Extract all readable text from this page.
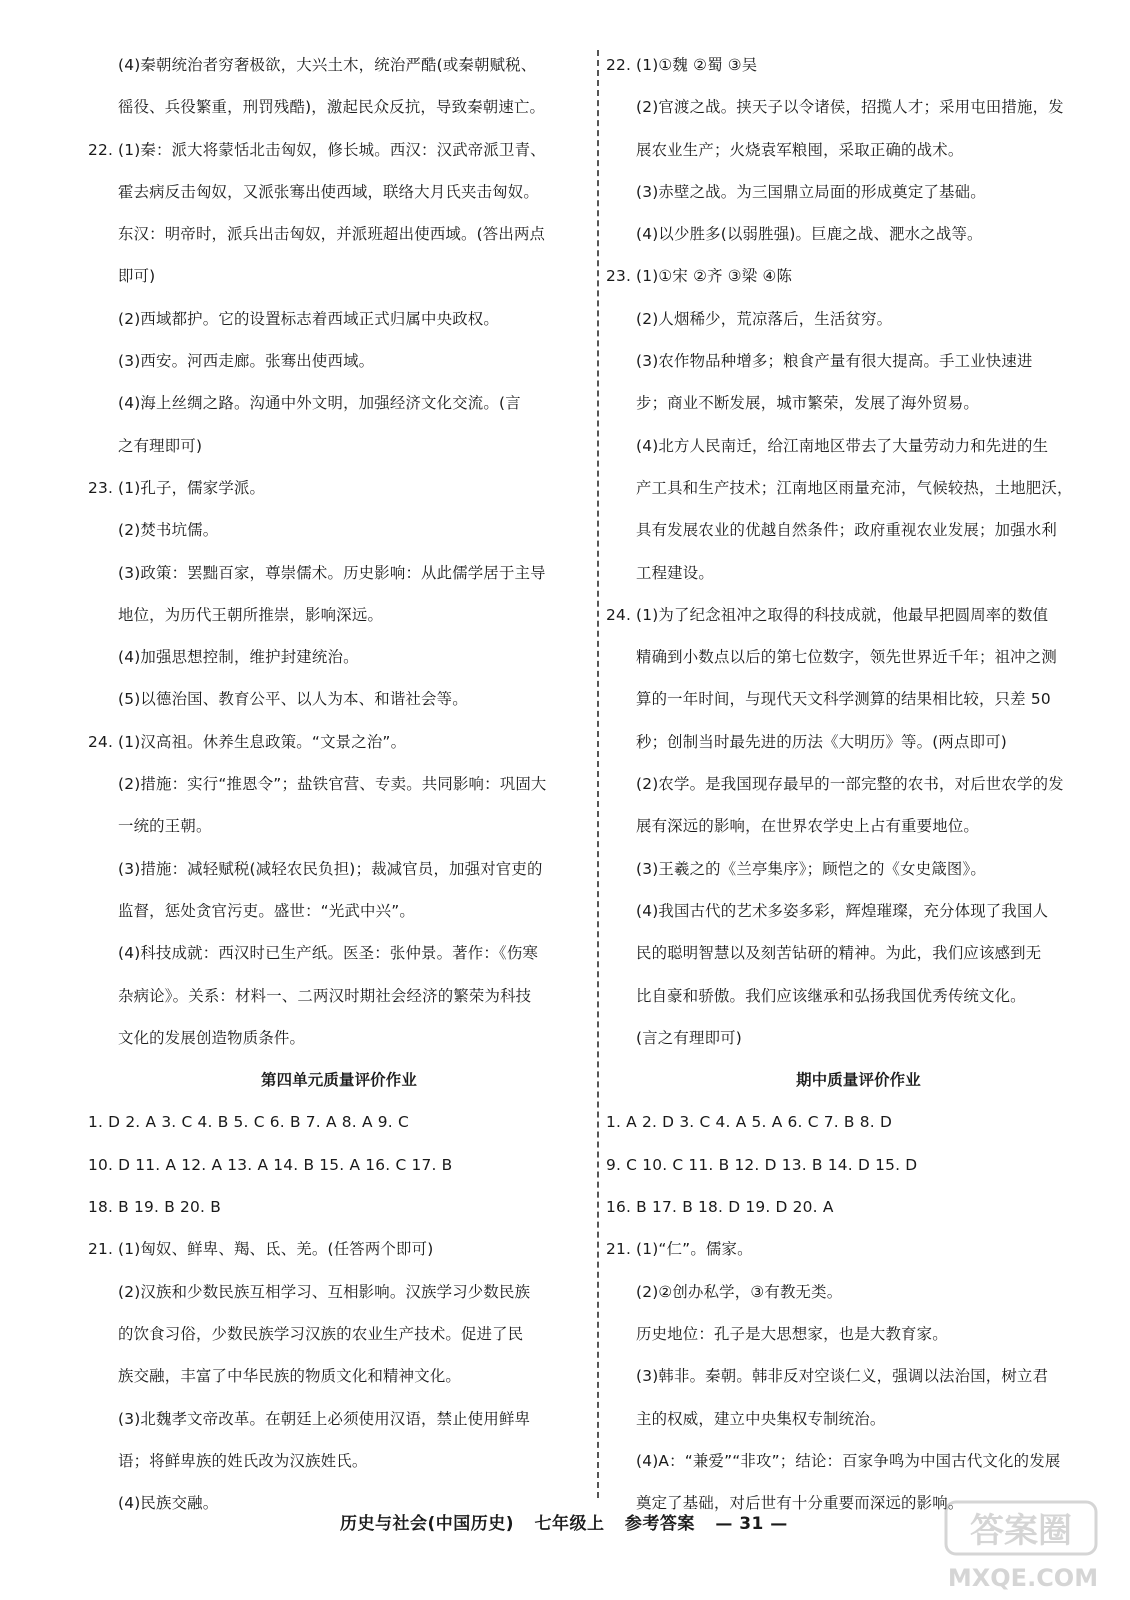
(4)秦朝统治者穷奢极欲，大兴土木，统治严酷(或秦朝赋税、
徭役、兵役繁重，刑罚残酷)，激起民众反抗，导致秦朝速亡。
22. (1)秦：派大将蒙恬北击匈奴，修长城。西汉：汉武帝派卫青、
霍去病反击匈奴，又派张骞出使西域，联络大月氏夹击匈奴。
东汉：明帝时，派兵出击匈奴，并派班超出使西域。(答出两点
即可)
(2)西域都护。它的设置标志着西域正式归属中央政权。
(3)西安。河西走廊。张骞出使西域。
(4)海上丝绸之路。沟通中外文明，加强经济文化交流。(言
之有理即可)
23. (1)孔子，儒家学派。
(2)焚书坑儒。
(3)政策：罢黜百家，尊崇儒术。历史影响：从此儒学居于主导
地位，为历代王朝所推崇，影响深远。
(4)加强思想控制，维护封建统治。
(5)以德治国、教育公平、以人为本、和谐社会等。
24. (1)汉高祖。休养生息政策。“文景之治”。
(2)措施：实行“推恩令”；盐铁官营、专卖。共同影响：巩固大
一统的王朝。
(3)措施：减轻赋税(减轻农民负担)；裁减官员，加强对官吏的
监督，惩处贪官污吏。盛世：“光武中兴”。
(4)科技成就：西汉时已生产纸。医圣：张仲景。著作：《伤寒
杂病论》。关系：材料一、二两汉时期社会经济的繁荣为科技
文化的发展创造物质条件。
第四单元质量评价作业
1. D 2. A 3. C 4. B 5. C 6. B 7. A 8. A 9. C
10. D 11. A 12. A 13. A 14. B 15. A 16. C 17. B
18. B 19. B 20. B
21. (1)匈奴、鲜卑、羯、氐、羌。(任答两个即可)
(2)汉族和少数民族互相学习、互相影响。汉族学习少数民族
的饮食习俗，少数民族学习汉族的农业生产技术。促进了民
族交融，丰富了中华民族的物质文化和精神文化。
(3)北魏孝文帝改革。在朝廷上必须使用汉语，禁止使用鲜卑
语；将鲜卑族的姓氏改为汉族姓氏。
(4)民族交融。
22. (1)①魏 ②蜀 ③吴
(2)官渡之战。挟天子以令诸侯，招揽人才；采用屯田措施，发
展农业生产；火烧袁军粮囤，采取正确的战术。
(3)赤壁之战。为三国鼎立局面的形成奠定了基础。
(4)以少胜多(以弱胜强)。巨鹿之战、淝水之战等。
23. (1)①宋 ②齐 ③梁 ④陈
(2)人烟稀少，荒凉落后，生活贫穷。
(3)农作物品种增多；粮食产量有很大提高。手工业快速进
步；商业不断发展，城市繁荣，发展了海外贸易。
(4)北方人民南迁，给江南地区带去了大量劳动力和先进的生
产工具和生产技术；江南地区雨量充沛，气候较热，土地肥沃，
具有发展农业的优越自然条件；政府重视农业发展；加强水利
工程建设。
24. (1)为了纪念祖冲之取得的科技成就，他最早把圆周率的数值
精确到小数点以后的第七位数字，领先世界近千年；祖冲之测
算的一年时间，与现代天文科学测算的结果相比较，只差 50
秒；创制当时最先进的历法《大明历》等。(两点即可)
(2)农学。是我国现存最早的一部完整的农书，对后世农学的发
展有深远的影响，在世界农学史上占有重要地位。
(3)王羲之的《兰亭集序》；顾恺之的《女史箴图》。
(4)我国古代的艺术多姿多彩，辉煌璀璨，充分体现了我国人
民的聪明智慧以及刻苦钻研的精神。为此，我们应该感到无
比自豪和骄傲。我们应该继承和弘扬我国优秀传统文化。
(言之有理即可)
期中质量评价作业
1. A 2. D 3. C 4. A 5. A 6. C 7. B 8. D
9. C 10. C 11. B 12. D 13. B 14. D 15. D
16. B 17. B 18. D 19. D 20. A
21. (1)“仁”。儒家。
(2)②创办私学，③有教无类。
历史地位：孔子是大思想家，也是大教育家。
(3)韩非。秦朝。韩非反对空谈仁义，强调以法治国，树立君
主的权威，建立中央集权专制统治。
(4)A：“兼爱”“非攻”；结论：百家争鸣为中国古代文化的发展
奠定了基础，对后世有十分重要而深远的影响。
历史与社会(中国历史) 七年级上 参考答案 — 31 —	答案圈
MXQE.COM
